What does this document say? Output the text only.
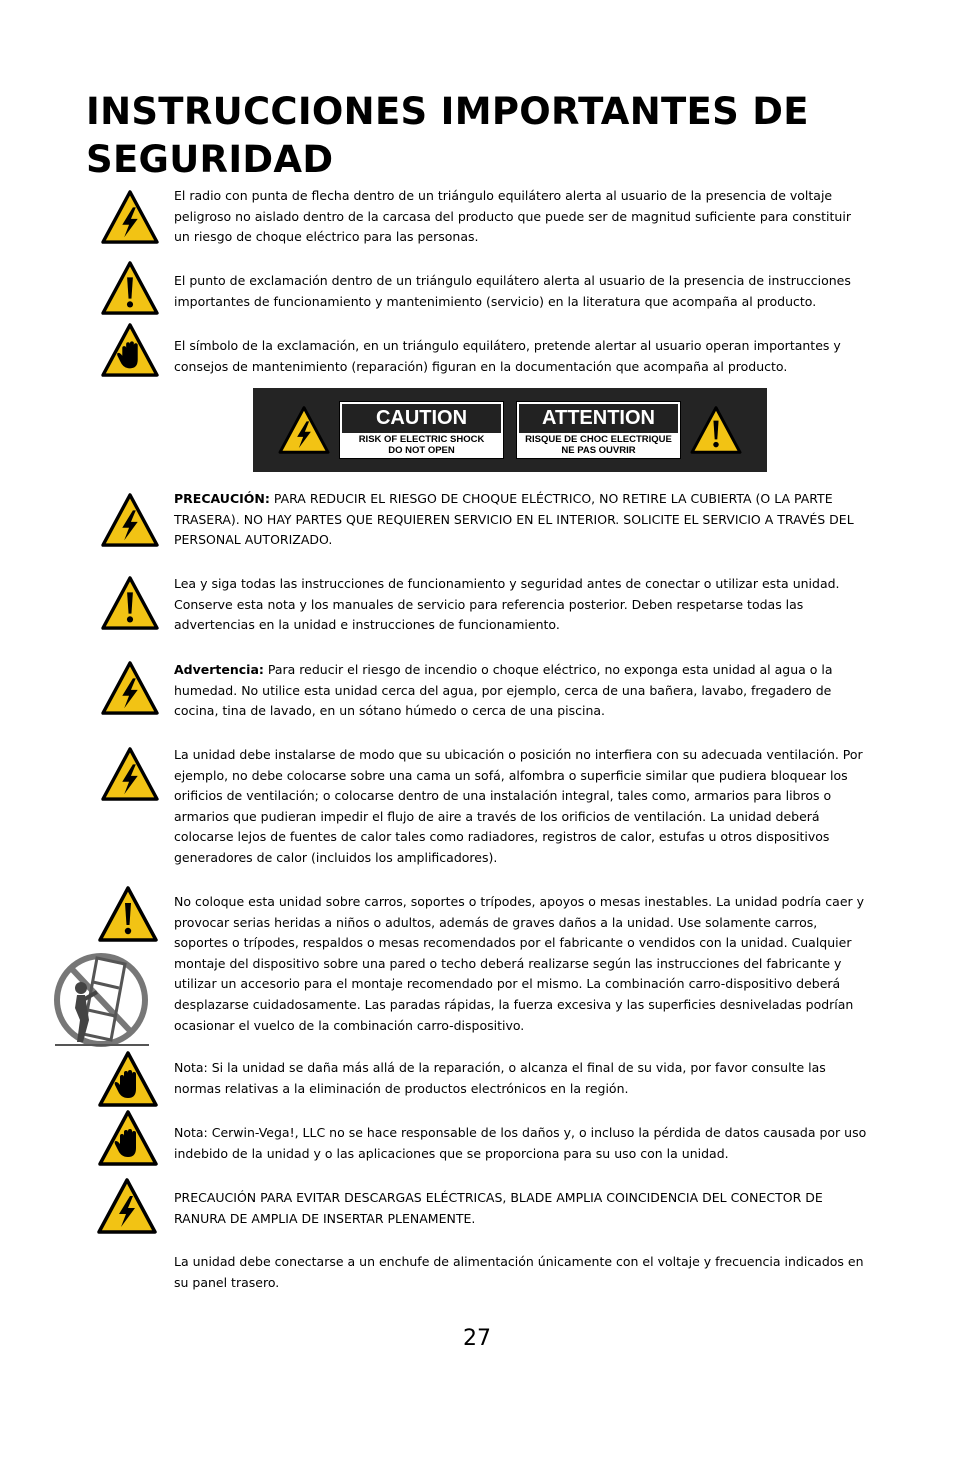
INSTRUCCIONES IMPORTANTES DE SEGURIDAD
CAUTION
RISK OF ELECTRIC SHOCK
DO NOT OPEN
ATTENTION
RISQUE DE CHOC ELECTRIQUE
NE PAS OUVRIR

El radio con punta de flecha dentro de un triángulo equilátero alerta al usuario de la presencia de voltaje peligroso no aislado dentro de la carcasa del producto que puede ser de magnitud suficiente para constituir un riesgo de choque eléctrico para las personas.

El punto de exclamación dentro de un triángulo equilátero alerta al usuario de la presencia de instrucciones importantes de funcionamiento y mantenimiento (servicio) en la literatura que acompaña al producto.

El símbolo de la exclamación, en un triángulo equilátero, pretende alertar al usuario operan importantes y consejos de mantenimiento (reparación) figuran en la documentación que acompaña al producto.

PRECAUCIÓN: PARA REDUCIR EL RIESGO DE CHOQUE ELÉCTRICO, NO RETIRE LA CUBIERTA (O LA PARTE TRASERA). NO HAY PARTES QUE REQUIEREN SERVICIO EN EL INTERIOR. SOLICITE EL SERVICIO A TRAVÉS DEL PERSONAL AUTORIZADO.

Lea y siga todas las instrucciones de funcionamiento y seguridad antes de conectar o utilizar esta unidad. Conserve esta nota y los manuales de servicio para referencia posterior. Deben respetarse todas las advertencias en la unidad e instrucciones de funcionamiento.

Advertencia: Para reducir el riesgo de incendio o choque eléctrico, no exponga esta unidad al agua o la humedad. No utilice esta unidad cerca del agua, por ejemplo, cerca de una bañera, lavabo, fregadero de cocina, tina de lavado, en un sótano húmedo o cerca de una piscina.

La unidad debe instalarse de modo que su ubicación o posición no interfiera con su adecuada ventilación. Por ejemplo, no debe colocarse sobre una cama un sofá, alfombra o superficie similar que pudiera bloquear los orificios de ventilación; o colocarse dentro de una instalación integral, tales como, armarios para libros o armarios que pudieran impedir el flujo de aire a través de los orificios de ventilación. La unidad deberá colocarse lejos de fuentes de calor tales como radiadores, registros de calor, estufas u otros dispositivos generadores de calor (incluidos los amplificadores).

No coloque esta unidad sobre carros, soportes o trípodes, apoyos o mesas inestables. La unidad podría caer y provocar serias heridas a niños o adultos, además de graves daños a la unidad. Use solamente carros, soportes o trípodes, respaldos o mesas recomendados por el fabricante o vendidos con la unidad. Cualquier montaje del dispositivo sobre una pared o techo deberá realizarse según las instrucciones del fabricante y utilizar un accesorio para el montaje recomendado por el mismo. La combinación carro-dispositivo deberá desplazarse cuidadosamente. Las paradas rápidas, la fuerza excesiva y las superficies desniveladas podrían ocasionar el vuelco de la combinación carro-dispositivo.

Nota: Si la unidad se daña más allá de la reparación, o alcanza el final de su vida, por favor consulte las normas relativas a la eliminación de productos electrónicos en la región.

Nota: Cerwin-Vega!, LLC no se hace responsable de los daños y, o incluso la pérdida de datos causada por uso indebido de la unidad y o las aplicaciones que se proporciona para su uso con la unidad.

PRECAUCIÓN PARA EVITAR DESCARGAS ELÉCTRICAS, BLADE AMPLIA COINCIDENCIA DEL CONECTOR DE RANURA DE AMPLIA DE INSERTAR PLENAMENTE.

La unidad debe conectarse a un enchufe de alimentación únicamente con el voltaje y frecuencia indicados en su panel trasero.

27
